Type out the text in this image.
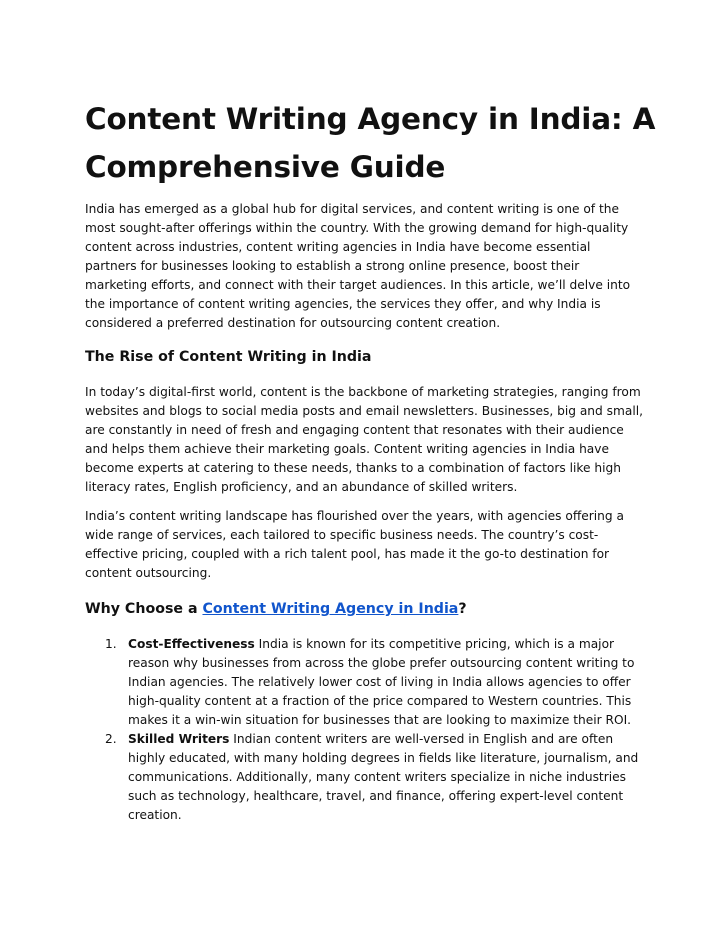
Content Writing Agency in India: A Comprehensive Guide

India has emerged as a global hub for digital services, and content writing is one of the most sought-after offerings within the country. With the growing demand for high-quality content across industries, content writing agencies in India have become essential partners for businesses looking to establish a strong online presence, boost their marketing efforts, and connect with their target audiences. In this article, we’ll delve into the importance of content writing agencies, the services they offer, and why India is considered a preferred destination for outsourcing content creation.

The Rise of Content Writing in India

In today’s digital-first world, content is the backbone of marketing strategies, ranging from websites and blogs to social media posts and email newsletters. Businesses, big and small, are constantly in need of fresh and engaging content that resonates with their audience and helps them achieve their marketing goals. Content writing agencies in India have become experts at catering to these needs, thanks to a combination of factors like high literacy rates, English proficiency, and an abundance of skilled writers.

India’s content writing landscape has flourished over the years, with agencies offering a wide range of services, each tailored to specific business needs. The country’s cost-effective pricing, coupled with a rich talent pool, has made it the go-to destination for content outsourcing.

Why Choose a Content Writing Agency in India?
1. Cost-Effectiveness India is known for its competitive pricing, which is a major reason why businesses from across the globe prefer outsourcing content writing to Indian agencies. The relatively lower cost of living in India allows agencies to offer high-quality content at a fraction of the price compared to Western countries. This makes it a win-win situation for businesses that are looking to maximize their ROI.
2. Skilled Writers Indian content writers are well-versed in English and are often highly educated, with many holding degrees in fields like literature, journalism, and communications. Additionally, many content writers specialize in niche industries such as technology, healthcare, travel, and finance, offering expert-level content creation.
